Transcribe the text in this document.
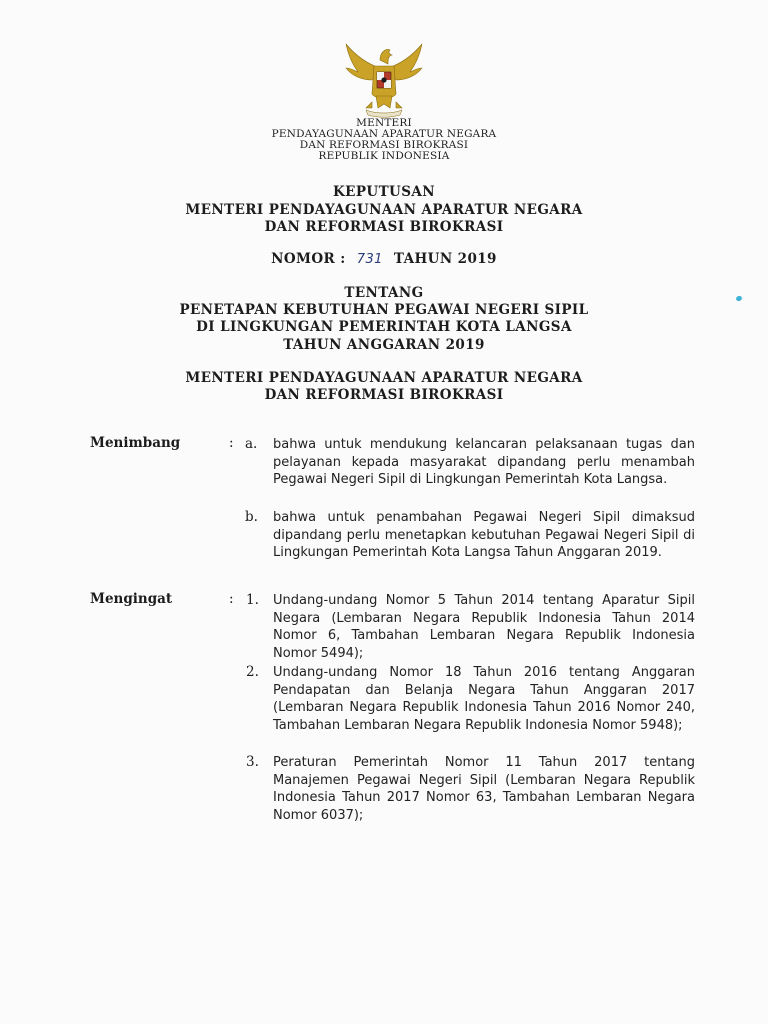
MENTERI
PENDAYAGUNAAN APARATUR NEGARA
DAN REFORMASI BIROKRASI
REPUBLIK INDONESIA
KEPUTUSAN
MENTERI PENDAYAGUNAAN APARATUR NEGARA
DAN REFORMASI BIROKRASI
NOMOR : 731 TAHUN 2019
TENTANG
PENETAPAN KEBUTUHAN PEGAWAI NEGERI SIPIL
DI LINGKUNGAN PEMERINTAH KOTA LANGSA
TAHUN ANGGARAN 2019
MENTERI PENDAYAGUNAAN APARATUR NEGARA
DAN REFORMASI BIROKRASI
Menimbang	: a. bahwa untuk mendukung kelancaran pelaksanaan tugas dan pelayanan kepada masyarakat dipandang perlu menambah Pegawai Negeri Sipil di Lingkungan Pemerintah Kota Langsa.
b. bahwa untuk penambahan Pegawai Negeri Sipil dimaksud dipandang perlu menetapkan kebutuhan Pegawai Negeri Sipil di Lingkungan Pemerintah Kota Langsa Tahun Anggaran 2019.
Mengingat	: 1. Undang-undang Nomor 5 Tahun 2014 tentang Aparatur Sipil Negara (Lembaran Negara Republik Indonesia Tahun 2014 Nomor 6, Tambahan Lembaran Negara Republik Indonesia Nomor 5494);
2. Undang-undang Nomor 18 Tahun 2016 tentang Anggaran Pendapatan dan Belanja Negara Tahun Anggaran 2017 (Lembaran Negara Republik Indonesia Tahun 2016 Nomor 240, Tambahan Lembaran Negara Republik Indonesia Nomor 5948);
3. Peraturan Pemerintah Nomor 11 Tahun 2017 tentang Manajemen Pegawai Negeri Sipil (Lembaran Negara Republik Indonesia Tahun 2017 Nomor 63, Tambahan Lembaran Negara Nomor 6037);
